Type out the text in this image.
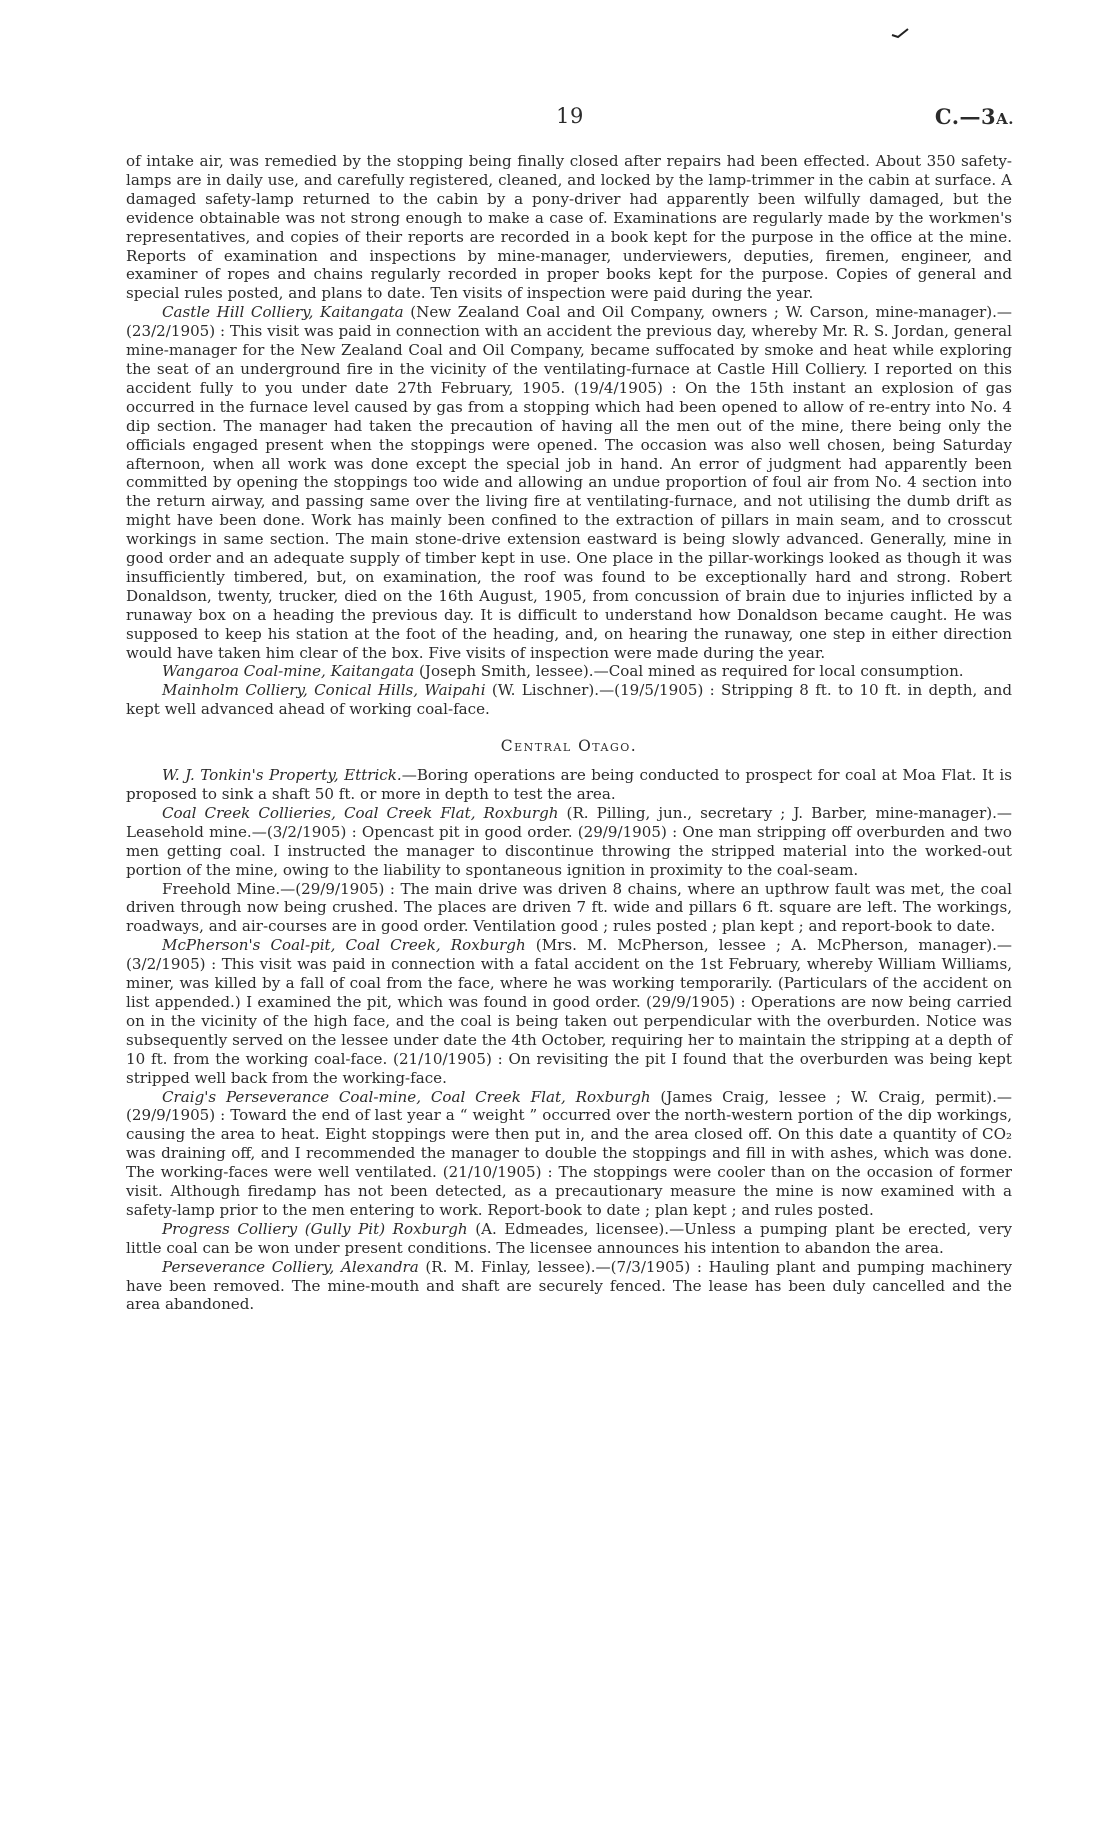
19	C.—3A.

of intake air, was remedied by the stopping being finally closed after repairs had been effected. About 350 safety-lamps are in daily use, and carefully registered, cleaned, and locked by the lamp-trimmer in the cabin at surface. A damaged safety-lamp returned to the cabin by a pony-driver had apparently been wilfully damaged, but the evidence obtainable was not strong enough to make a case of. Examinations are regularly made by the workmen's representatives, and copies of their reports are recorded in a book kept for the purpose in the office at the mine. Reports of examination and inspections by mine-manager, underviewers, deputies, firemen, engineer, and examiner of ropes and chains regularly recorded in proper books kept for the purpose. Copies of general and special rules posted, and plans to date. Ten visits of inspection were paid during the year.

Castle Hill Colliery, Kaitangata (New Zealand Coal and Oil Company, owners ; W. Carson, mine-manager).—(23/2/1905) : This visit was paid in connection with an accident the previous day, whereby Mr. R. S. Jordan, general mine-manager for the New Zealand Coal and Oil Company, became suffocated by smoke and heat while exploring the seat of an underground fire in the vicinity of the ventilating-furnace at Castle Hill Colliery. I reported on this accident fully to you under date 27th February, 1905. (19/4/1905) : On the 15th instant an explosion of gas occurred in the furnace level caused by gas from a stopping which had been opened to allow of re-entry into No. 4 dip section. The manager had taken the precaution of having all the men out of the mine, there being only the officials engaged present when the stoppings were opened. The occasion was also well chosen, being Saturday afternoon, when all work was done except the special job in hand. An error of judgment had apparently been committed by opening the stoppings too wide and allowing an undue proportion of foul air from No. 4 section into the return airway, and passing same over the living fire at ventilating-furnace, and not utilising the dumb drift as might have been done. Work has mainly been confined to the extraction of pillars in main seam, and to crosscut workings in same section. The main stone-drive extension eastward is being slowly advanced. Generally, mine in good order and an adequate supply of timber kept in use. One place in the pillar-workings looked as though it was insufficiently timbered, but, on examination, the roof was found to be exceptionally hard and strong. Robert Donaldson, twenty, trucker, died on the 16th August, 1905, from concussion of brain due to injuries inflicted by a runaway box on a heading the previous day. It is difficult to understand how Donaldson became caught. He was supposed to keep his station at the foot of the heading, and, on hearing the runaway, one step in either direction would have taken him clear of the box. Five visits of inspection were made during the year.

Wangaroa Coal-mine, Kaitangata (Joseph Smith, lessee).—Coal mined as required for local consumption.

Mainholm Colliery, Conical Hills, Waipahi (W. Lischner).—(19/5/1905) : Stripping 8 ft. to 10 ft. in depth, and kept well advanced ahead of working coal-face.

Central Otago.

W. J. Tonkin's Property, Ettrick.—Boring operations are being conducted to prospect for coal at Moa Flat. It is proposed to sink a shaft 50 ft. or more in depth to test the area.

Coal Creek Collieries, Coal Creek Flat, Roxburgh (R. Pilling, jun., secretary ; J. Barber, mine-manager).—Leasehold mine.—(3/2/1905) : Opencast pit in good order. (29/9/1905) : One man stripping off overburden and two men getting coal. I instructed the manager to discontinue throwing the stripped material into the worked-out portion of the mine, owing to the liability to spontaneous ignition in proximity to the coal-seam.

Freehold Mine.—(29/9/1905) : The main drive was driven 8 chains, where an upthrow fault was met, the coal driven through now being crushed. The places are driven 7 ft. wide and pillars 6 ft. square are left. The workings, roadways, and air-courses are in good order. Ventilation good ; rules posted ; plan kept ; and report-book to date.

McPherson's Coal-pit, Coal Creek, Roxburgh (Mrs. M. McPherson, lessee ; A. McPherson, manager).—(3/2/1905) : This visit was paid in connection with a fatal accident on the 1st February, whereby William Williams, miner, was killed by a fall of coal from the face, where he was working temporarily. (Particulars of the accident on list appended.) I examined the pit, which was found in good order. (29/9/1905) : Operations are now being carried on in the vicinity of the high face, and the coal is being taken out perpendicular with the overburden. Notice was subsequently served on the lessee under date the 4th October, requiring her to maintain the stripping at a depth of 10 ft. from the working coal-face. (21/10/1905) : On revisiting the pit I found that the overburden was being kept stripped well back from the working-face.

Craig's Perseverance Coal-mine, Coal Creek Flat, Roxburgh (James Craig, lessee ; W. Craig, permit).—(29/9/1905) : Toward the end of last year a “ weight ” occurred over the north-western portion of the dip workings, causing the area to heat. Eight stoppings were then put in, and the area closed off. On this date a quantity of CO₂ was draining off, and I recommended the manager to double the stoppings and fill in with ashes, which was done. The working-faces were well ventilated. (21/10/1905) : The stoppings were cooler than on the occasion of former visit. Although firedamp has not been detected, as a precautionary measure the mine is now examined with a safety-lamp prior to the men entering to work. Report-book to date ; plan kept ; and rules posted.

Progress Colliery (Gully Pit) Roxburgh (A. Edmeades, licensee).—Unless a pumping plant be erected, very little coal can be won under present conditions. The licensee announces his intention to abandon the area.

Perseverance Colliery, Alexandra (R. M. Finlay, lessee).—(7/3/1905) : Hauling plant and pumping machinery have been removed. The mine-mouth and shaft are securely fenced. The lease has been duly cancelled and the area abandoned.
